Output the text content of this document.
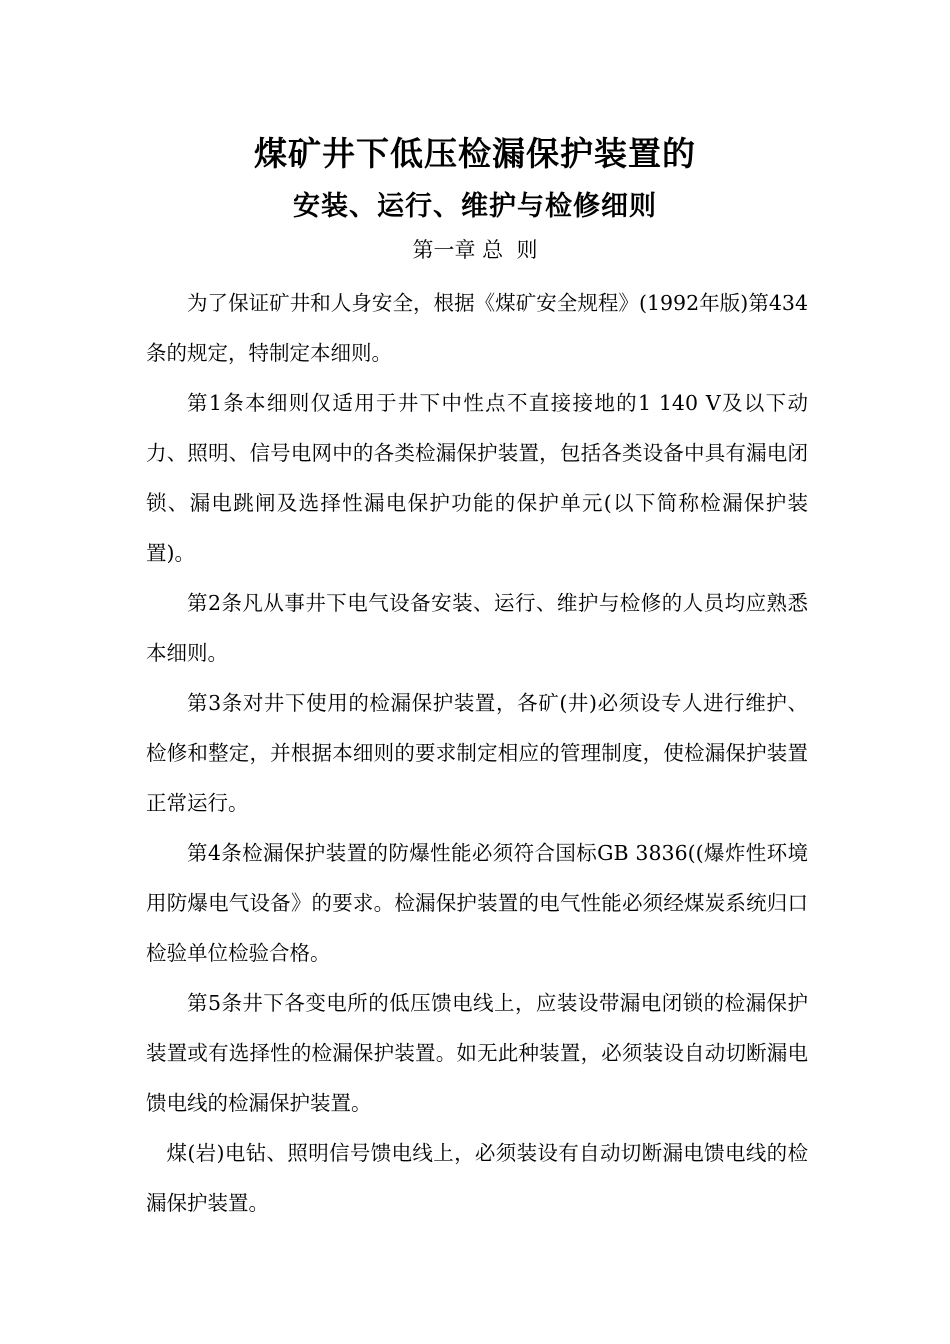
煤矿井下低压检漏保护装置的
安装、运行、维护与检修细则
第一章 总  则

为了保证矿井和人身安全，根据《煤矿安全规程》(1992年版)第434条的规定，特制定本细则。

第1条本细则仅适用于井下中性点不直接接地的1 140 V及以下动力、照明、信号电网中的各类检漏保护装置，包括各类设备中具有漏电闭锁、漏电跳闸及选择性漏电保护功能的保护单元(以下简称检漏保护装置)。

第2条凡从事井下电气设备安装、运行、维护与检修的人员均应熟悉本细则。

第3条对井下使用的检漏保护装置，各矿(井)必须设专人进行维护、检修和整定，并根据本细则的要求制定相应的管理制度，使检漏保护装置正常运行。

第4条检漏保护装置的防爆性能必须符合国标GB 3836((爆炸性环境用防爆电气设备》的要求。检漏保护装置的电气性能必须经煤炭系统归口检验单位检验合格。

第5条井下各变电所的低压馈电线上，应装设带漏电闭锁的检漏保护装置或有选择性的检漏保护装置。如无此种装置，必须装设自动切断漏电馈电线的检漏保护装置。

煤(岩)电钻、照明信号馈电线上，必须装设有自动切断漏电馈电线的检漏保护装置。
